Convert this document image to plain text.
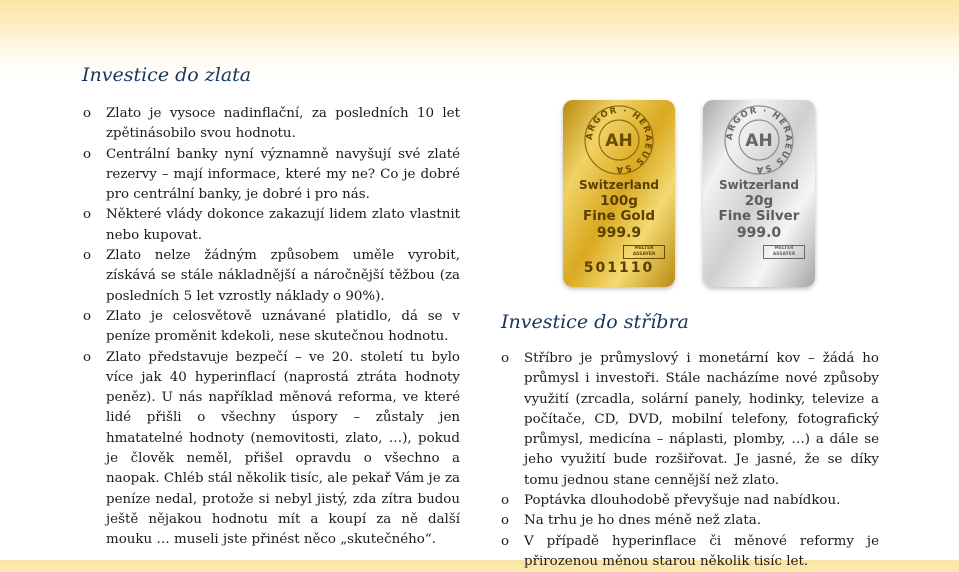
Investice do zlata
o Zlato je vysoce nadinflační, za posledních 10 let zpětinásobilo svou hodnotu.
o Centrální banky nyní významně navyšují své zlaté rezervy – mají informace, které my ne? Co je dobré pro centrální banky, je dobré i pro nás.
o Některé vlády dokonce zakazují lidem zlato vlastnit nebo kupovat.
o Zlato nelze žádným způsobem uměle vyrobit, získává se stále nákladnější a náročnější těžbou (za posledních 5 let vzrostly náklady o 90%).
o Zlato je celosvětově uznávané platidlo, dá se v peníze proměnit kdekoli, nese skutečnou hodnotu.
o Zlato představuje bezpečí – ve 20. století tu bylo více jak 40 hyperinflací (naprostá ztráta hodnoty peněz). U nás například měnová reforma, ve které lidé přišli o všechny úspory – zůstaly jen hmatatelné hodnoty (nemovitosti, zlato, …), pokud je člověk neměl, přišel opravdu o všechno a naopak. Chléb stál několik tisíc, ale pekař Vám je za peníze nedal, protože si nebyl jistý, zda zítra budou ještě nějakou hodnotu mít a koupí za ně další mouku … museli jste přinést něco „skutečného“.
ARGOR · HERAEUS SA
AH
Switzerland
100g
Fine Gold
999.9
MELTER ASSAYER
501110
ARGOR · HERAEUS SA
AH
Switzerland
20g
Fine Silver
999.0
MELTER ASSAYER
Investice do stříbra
o Stříbro je průmyslový i monetární kov – žádá ho průmysl i investoři. Stále nacházíme nové způsoby využití (zrcadla, solární panely, hodinky, televize a počítače, CD, DVD, mobilní telefony, fotografický průmysl, medicína – náplasti, plomby, …) a dále se jeho využití bude rozšiřovat. Je jasné, že se díky tomu jednou stane cennější než zlato.
o Poptávka dlouhodobě převyšuje nad nabídkou.
o Na trhu je ho dnes méně než zlata.
o V případě hyperinflace či měnové reformy je přirozenou měnou starou několik tisíc let.
